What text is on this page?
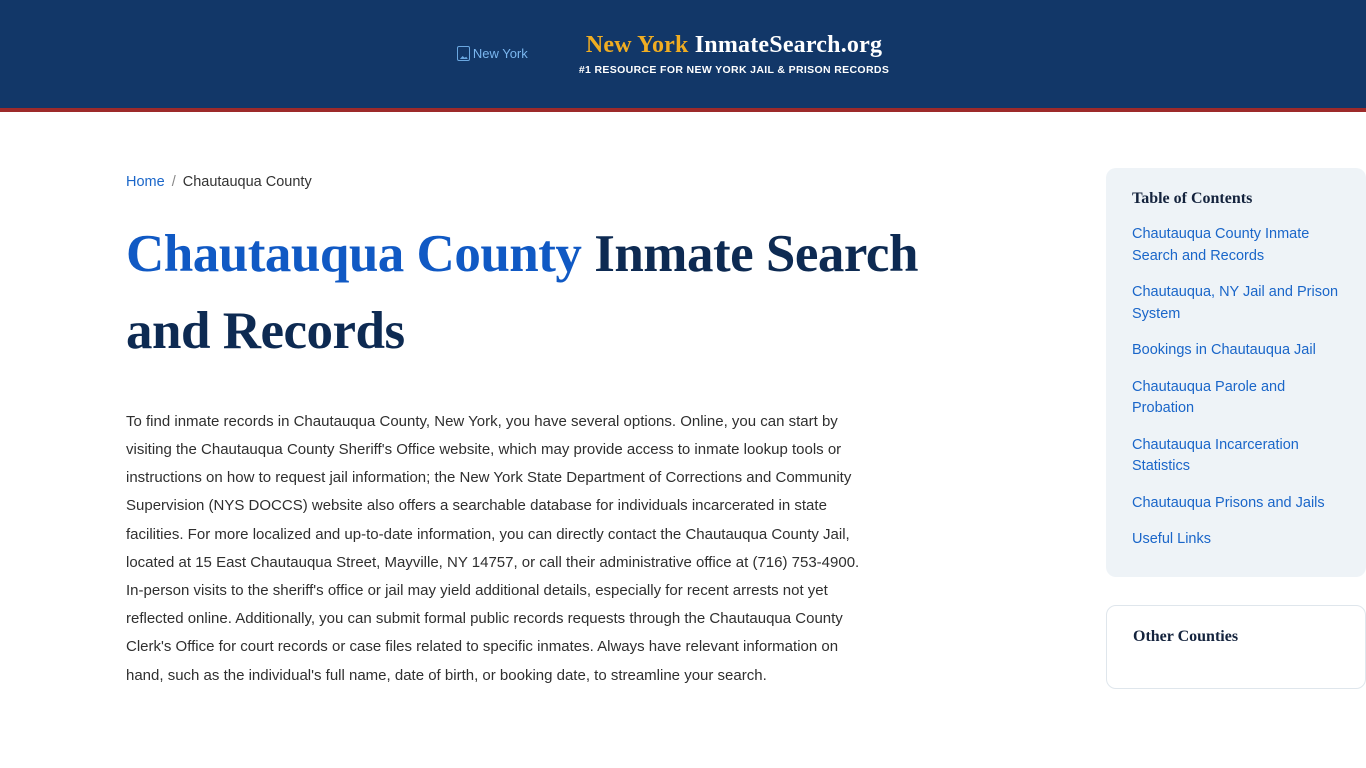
New York	New York InmateSearch.org
#1 RESOURCE FOR NEW YORK JAIL & PRISON RECORDS
Home / Chautauqua County
Chautauqua County Inmate Search and Records

To find inmate records in Chautauqua County, New York, you have several options. Online, you can start by visiting the Chautauqua County Sheriff's Office website, which may provide access to inmate lookup tools or instructions on how to request jail information; the New York State Department of Corrections and Community Supervision (NYS DOCCS) website also offers a searchable database for individuals incarcerated in state facilities. For more localized and up-to-date information, you can directly contact the Chautauqua County Jail, located at 15 East Chautauqua Street, Mayville, NY 14757, or call their administrative office at (716) 753-4900. In-person visits to the sheriff's office or jail may yield additional details, especially for recent arrests not yet reflected online. Additionally, you can submit formal public records requests through the Chautauqua County Clerk's Office for court records or case files related to specific inmates. Always have relevant information on hand, such as the individual's full name, date of birth, or booking date, to streamline your search.

Table of Contents
Chautauqua County Inmate Search and Records
Chautauqua, NY Jail and Prison System
Bookings in Chautauqua Jail
Chautauqua Parole and Probation
Chautauqua Incarceration Statistics
Chautauqua Prisons and Jails
Useful Links
Other Counties
